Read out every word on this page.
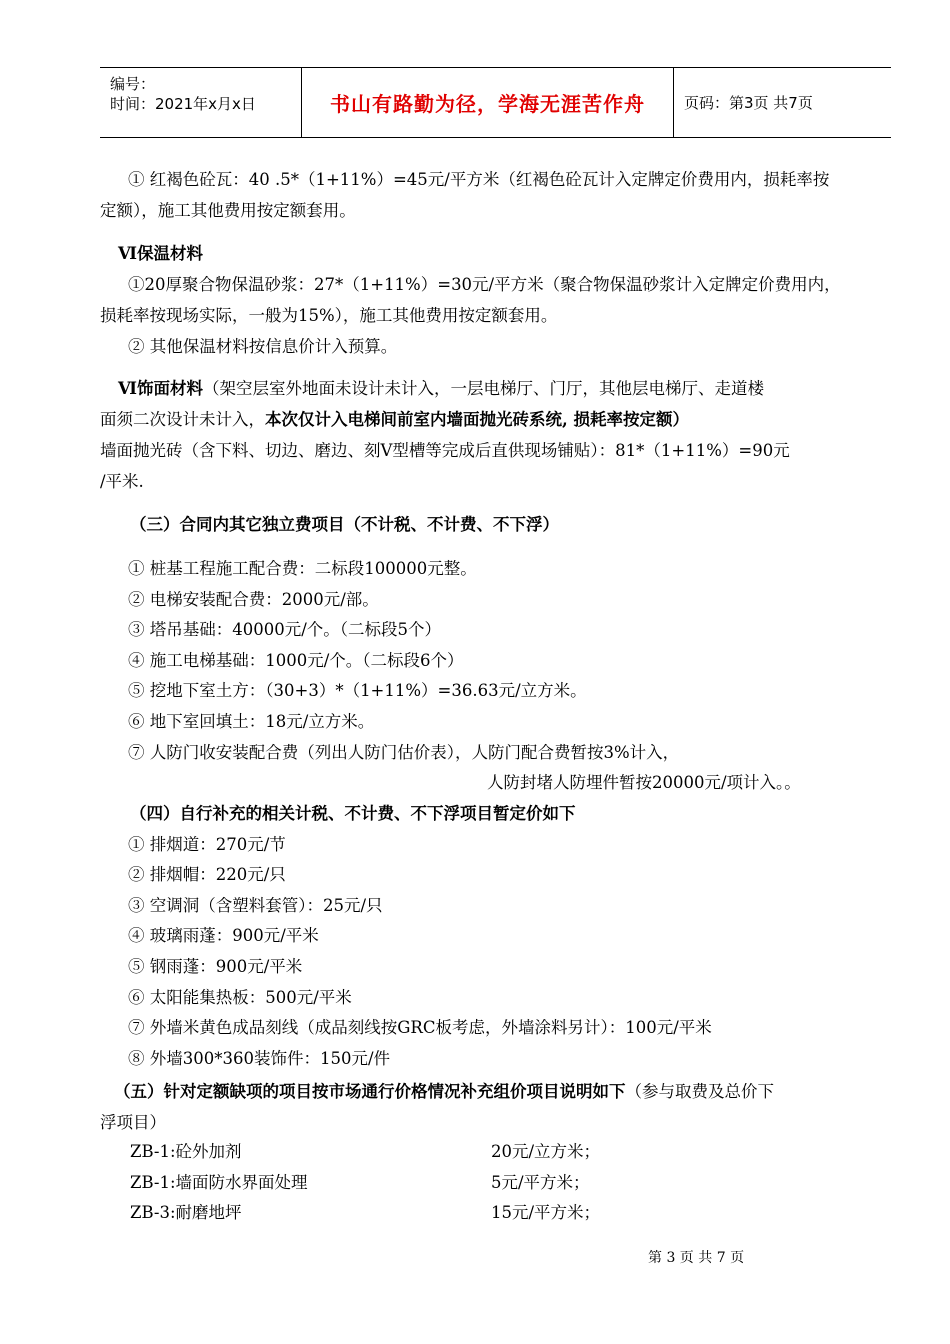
编号：
时间：2021年x月x日	书山有路勤为径，学海无涯苦作舟	页码：第3页 共7页
① 红褐色砼瓦：40 .5*（1+11%）=45元/平方米（红褐色砼瓦计入定牌定价费用内，损耗率按
定额），施工其他费用按定额套用。
Ⅵ保温材料
①20厚聚合物保温砂浆：27*（1+11%）=30元/平方米（聚合物保温砂浆计入定牌定价费用内，
损耗率按现场实际，一般为15%），施工其他费用按定额套用。
② 其他保温材料按信息价计入预算。
Ⅵ饰面材料（架空层室外地面未设计未计入，一层电梯厅、门厅，其他层电梯厅、走道楼
面须二次设计未计入，本次仅计入电梯间前室内墙面抛光砖系统, 损耗率按定额）
墙面抛光砖（含下料、切边、磨边、刻V型槽等完成后直供现场铺贴）：81*（1+11%）=90元
/平米.
（三）合同内其它独立费项目（不计税、不计费、不下浮）
① 桩基工程施工配合费：二标段100000元整。
② 电梯安装配合费：2000元/部。
③ 塔吊基础：40000元/个。（二标段5个）
④ 施工电梯基础：1000元/个。（二标段6个）
⑤ 挖地下室土方：（30+3）*（1+11%）=36.63元/立方米。
⑥ 地下室回填土：18元/立方米。
⑦ 人防门收安装配合费（列出人防门估价表），人防门配合费暂按3%计入，
人防封堵人防埋件暂按20000元/项计入。。
（四）自行补充的相关计税、不计费、不下浮项目暂定价如下
① 排烟道：270元/节
② 排烟帽：220元/只
③ 空调洞（含塑料套管）：25元/只
④ 玻璃雨蓬：900元/平米
⑤ 钢雨蓬：900元/平米
⑥ 太阳能集热板：500元/平米
⑦ 外墙米黄色成品刻线（成品刻线按GRC板考虑，外墙涂料另计）：100元/平米
⑧ 外墙300*360装饰件：150元/件
（五）针对定额缺项的项目按市场通行价格情况补充组价项目说明如下（参与取费及总价下
浮项目）
ZB-1:砼外加剂	20元/立方米；
ZB-1:墙面防水界面处理	5元/平方米；
ZB-3:耐磨地坪	15元/平方米；
第 3 页 共 7 页
